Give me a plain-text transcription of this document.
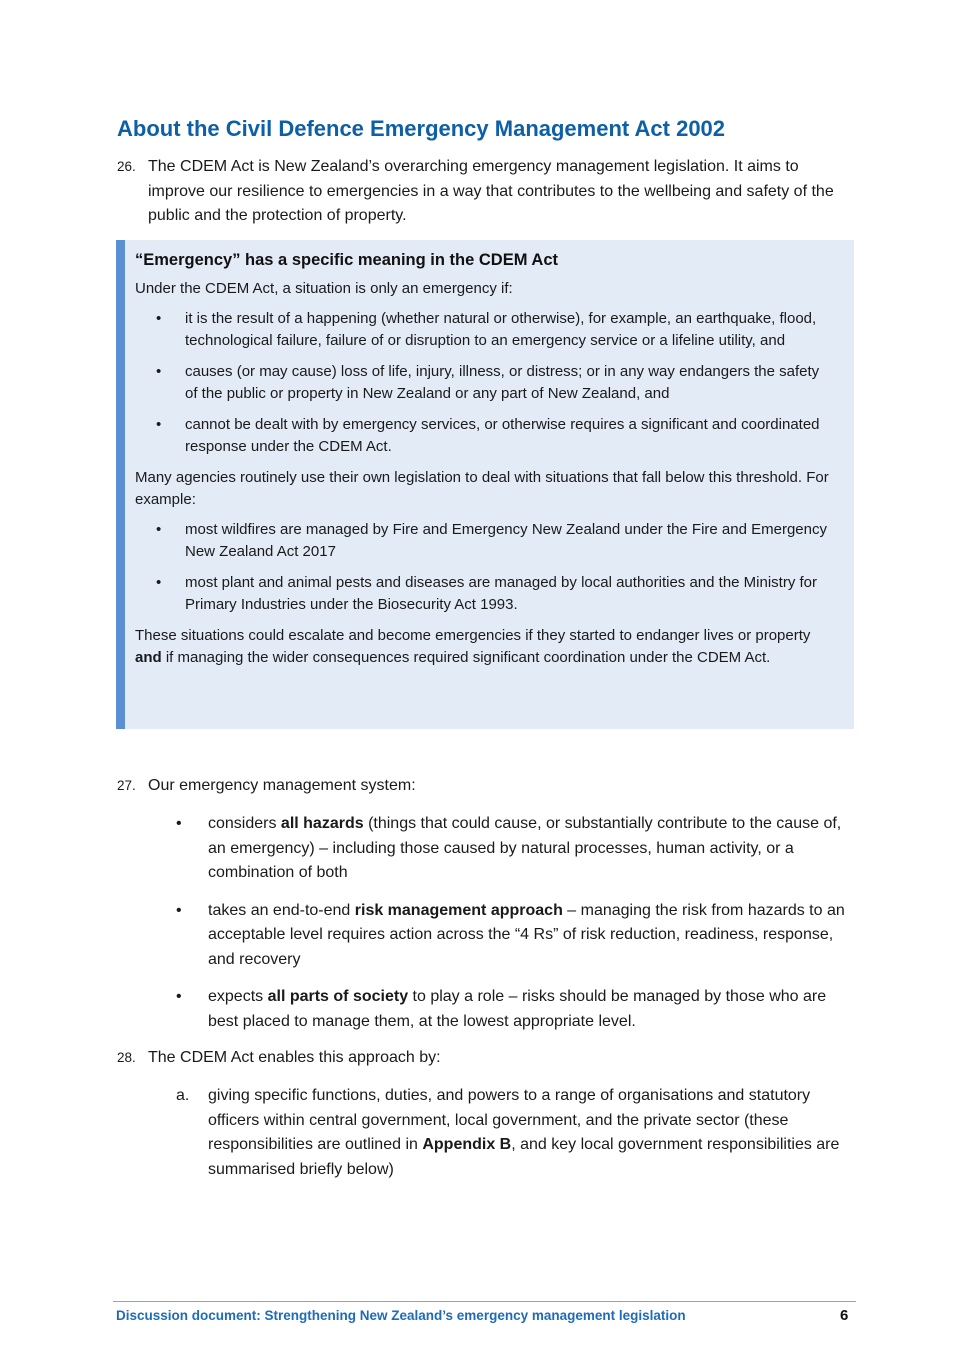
About the Civil Defence Emergency Management Act 2002
26. The CDEM Act is New Zealand’s overarching emergency management legislation. It aims to improve our resilience to emergencies in a way that contributes to the wellbeing and safety of the public and the protection of property.
“Emergency” has a specific meaning in the CDEM Act

Under the CDEM Act, a situation is only an emergency if:

• it is the result of a happening (whether natural or otherwise), for example, an earthquake, flood, technological failure, failure of or disruption to an emergency service or a lifeline utility, and
• causes (or may cause) loss of life, injury, illness, or distress; or in any way endangers the safety of the public or property in New Zealand or any part of New Zealand, and
• cannot be dealt with by emergency services, or otherwise requires a significant and coordinated response under the CDEM Act.

Many agencies routinely use their own legislation to deal with situations that fall below this threshold. For example:

• most wildfires are managed by Fire and Emergency New Zealand under the Fire and Emergency New Zealand Act 2017
• most plant and animal pests and diseases are managed by local authorities and the Ministry for Primary Industries under the Biosecurity Act 1993.

These situations could escalate and become emergencies if they started to endanger lives or property and if managing the wider consequences required significant coordination under the CDEM Act.

27. Our emergency management system:
• considers all hazards (things that could cause, or substantially contribute to the cause of, an emergency) – including those caused by natural processes, human activity, or a combination of both
• takes an end-to-end risk management approach – managing the risk from hazards to an acceptable level requires action across the “4 Rs” of risk reduction, readiness, response, and recovery
• expects all parts of society to play a role – risks should be managed by those who are best placed to manage them, at the lowest appropriate level.
28. The CDEM Act enables this approach by:
a. giving specific functions, duties, and powers to a range of organisations and statutory officers within central government, local government, and the private sector (these responsibilities are outlined in Appendix B, and key local government responsibilities are summarised briefly below)
Discussion document: Strengthening New Zealand’s emergency management legislation	6
